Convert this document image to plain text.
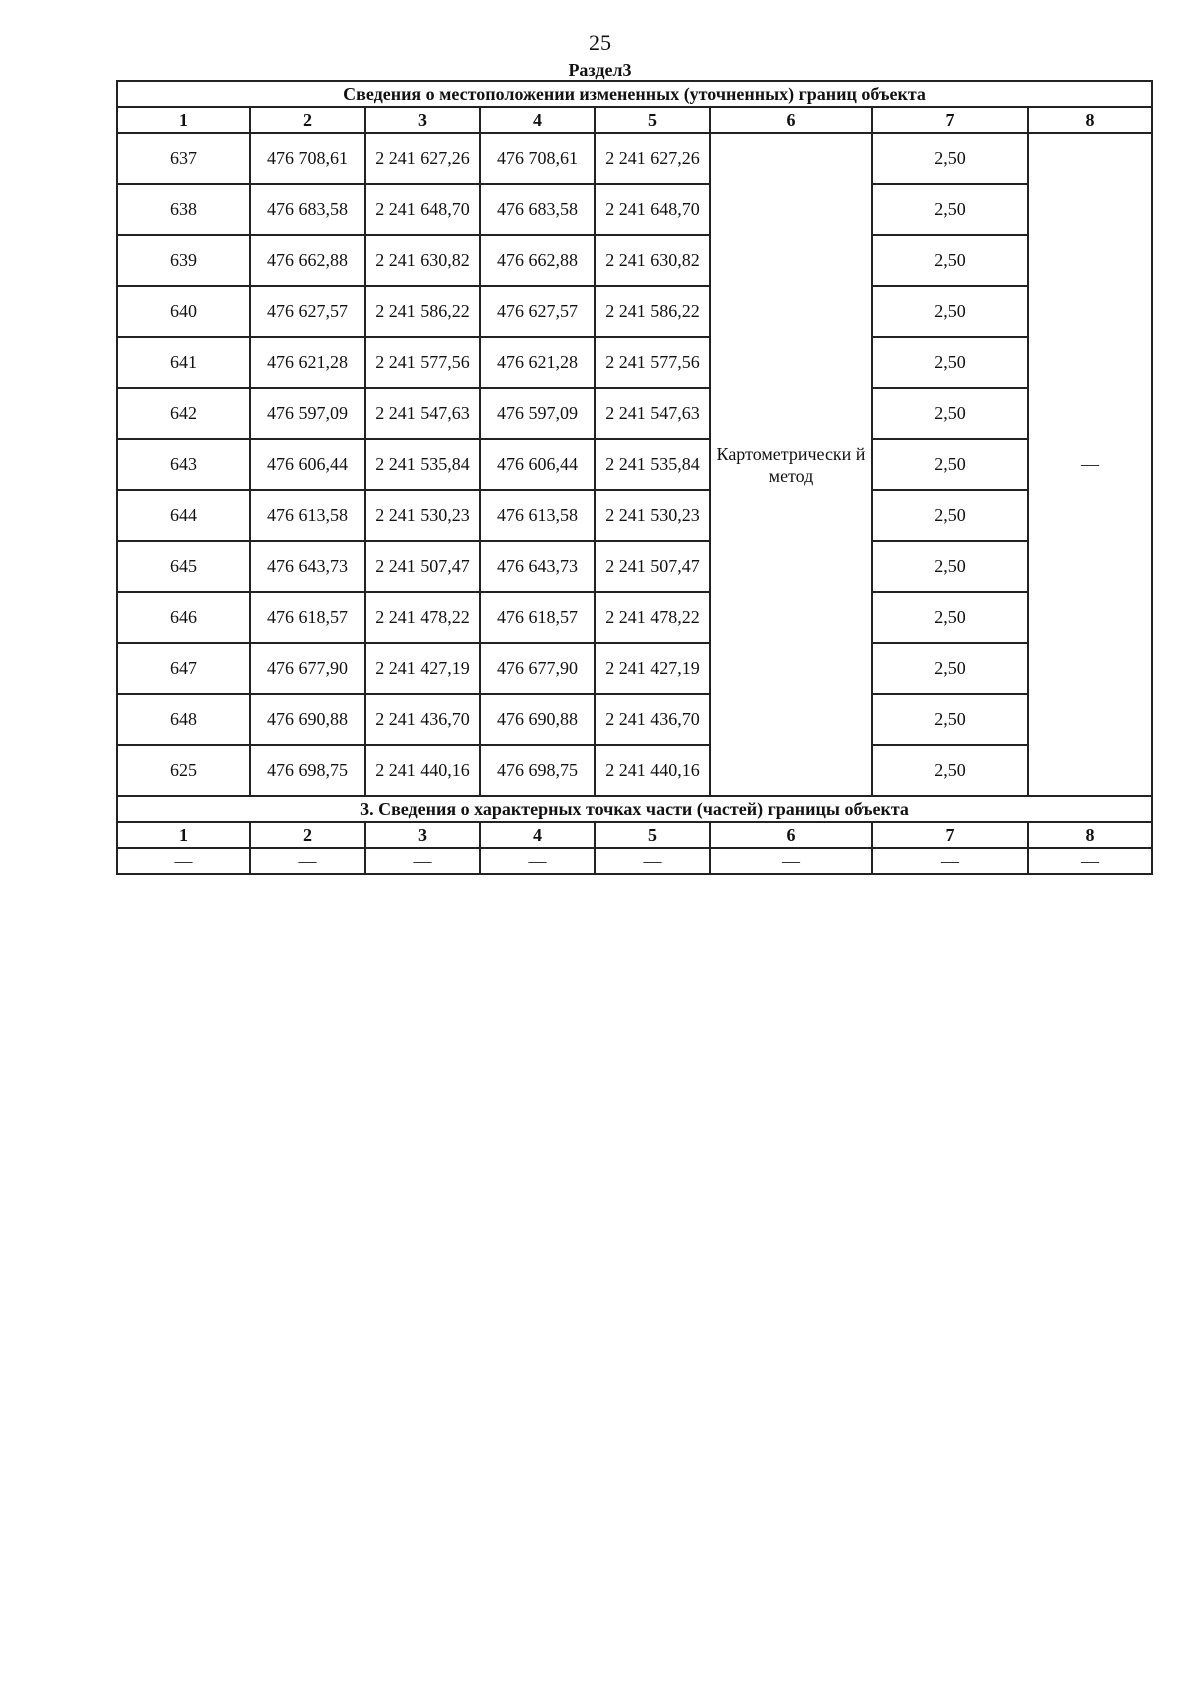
25
Раздел3
Сведения о местоположении измененных (уточненных) границ объекта							
1	2	3	4	5	6	7	8
637	476 708,61	2 241 627,26	476 708,61	2 241 627,26	Картометрически й метод	2,50	—
638	476 683,58	2 241 648,70	476 683,58	2 241 648,70		2,50	
639	476 662,88	2 241 630,82	476 662,88	2 241 630,82		2,50	
640	476 627,57	2 241 586,22	476 627,57	2 241 586,22		2,50	
641	476 621,28	2 241 577,56	476 621,28	2 241 577,56		2,50	
642	476 597,09	2 241 547,63	476 597,09	2 241 547,63		2,50	
643	476 606,44	2 241 535,84	476 606,44	2 241 535,84		2,50	
644	476 613,58	2 241 530,23	476 613,58	2 241 530,23		2,50	
645	476 643,73	2 241 507,47	476 643,73	2 241 507,47		2,50	
646	476 618,57	2 241 478,22	476 618,57	2 241 478,22		2,50	
647	476 677,90	2 241 427,19	476 677,90	2 241 427,19		2,50	
648	476 690,88	2 241 436,70	476 690,88	2 241 436,70		2,50	
625	476 698,75	2 241 440,16	476 698,75	2 241 440,16		2,50	
3. Сведения о характерных точках части (частей) границы объекта							
1	2	3	4	5	6	7	8
—	—	—	—	—	—	—	—
